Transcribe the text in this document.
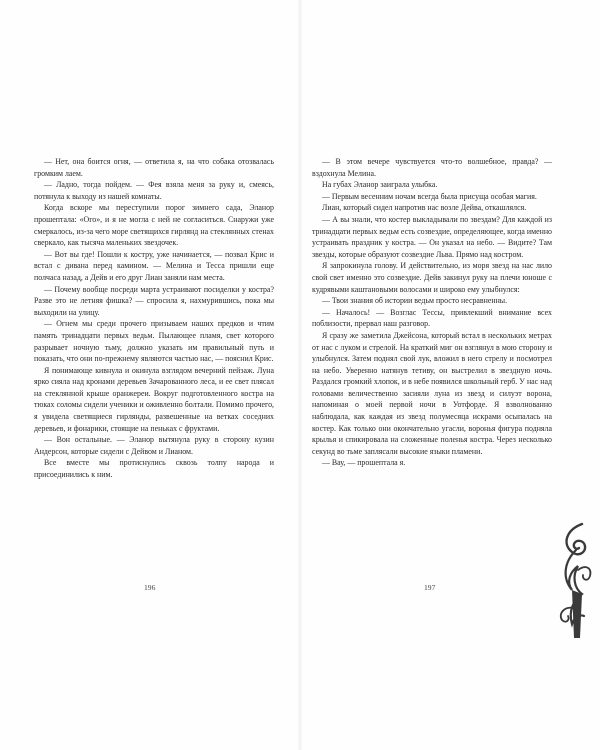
— Нет, она боится огня, — ответила я, на что собака отозвалась громким лаем.

— Ладно, тогда пойдем. — Фея взяла меня за руку и, смеясь, потянула к выходу из нашей комнаты.

Когда вскоре мы переступили порог зимнего сада, Эланор прошептала: «Ого», и я не могла с ней не согласиться. Снаружи уже смеркалось, из-за чего море светящихся гирлянд на стеклянных стенах сверкало, как тысяча маленьких звездочек.

— Вот вы где! Пошли к костру, уже начинается, — позвал Крис и встал с дивана перед камином. — Мелина и Тесса пришли еще полчаса назад, а Дейв и его друг Лиан заняли нам места.

— Почему вообще посреди марта устраивают посиделки у костра? Разве это не летняя фишка? — спросила я, нахмурившись, пока мы выходили на улицу.

— Огнем мы среди прочего призываем наших предков и чтим память тринадцати первых ведьм. Пылающее пламя, свет которого разрывает ночную тьму, должно указать им правильный путь и показать, что они по-прежнему являются частью нас, — пояснил Крис.

Я понимающе кивнула и окинула взглядом вечерний пейзаж. Луна ярко сияла над кронами деревьев Зачарованного леса, и ее свет плясал на стеклянной крыше оранжереи. Вокруг подготовленного костра на тюках соломы сидели ученики и оживленно болтали. Помимо прочего, я увидела светящиеся гирлянды, развешенные на ветках соседних деревьев, и фонарики, стоящие на пеньках с фруктами.

— Вон остальные. — Эланор вытянула руку в сторону кузин Андерсон, которые сидели с Дейвом и Лианом.

Все вместе мы протиснулись сквозь толпу народа и присоединились к ним.

196

— В этом вечере чувствуется что-то волшебное, правда? — вздохнула Мелина.

На губах Эланор заиграла улыбка.

— Первым весенним ночам всегда была присуща особая магия.

Лиан, который сидел напротив нас возле Дейва, откашлялся.

— А вы знали, что костер выкладывали по звездам? Для каждой из тринадцати первых ведьм есть созвездие, определяющее, когда именно устраивать праздник у костра. — Он указал на небо. — Видите? Там звезды, которые образуют созвездие Льва. Прямо над костром.

Я запрокинула голову. И действительно, из моря звезд на нас лило свой свет именно это созвездие. Дейв закинул руку на плечи юноше с кудрявыми каштановыми волосами и широко ему улыбнулся:

— Твои знания об истории ведьм просто несравненны.

— Началось! — Возглас Тессы, привлекший внимание всех поблизости, прервал наш разговор.

Я сразу же заметила Джейсона, который встал в нескольких метрах от нас с луком и стрелой. На краткий миг он взглянул в мою сторону и улыбнулся. Затем поднял свой лук, вложил в него стрелу и посмотрел на небо. Уверенно натянув тетиву, он выстрелил в звездную ночь. Раздался громкий хлопок, и в небе появился школьный герб. У нас над головами величественно засияли луна из звезд и силуэт ворона, напоминая о моей первой ночи в Уотфорде. Я взволнованно наблюдала, как каждая из звезд полумесяца искрами осыпалась на костер. Как только они окончательно угасли, воронья фигура подняла крылья и спикировала на сложенные поленья костра. Через несколько секунд во тьме заплясали высокие языки пламени.

— Вау, — прошептала я.

197
